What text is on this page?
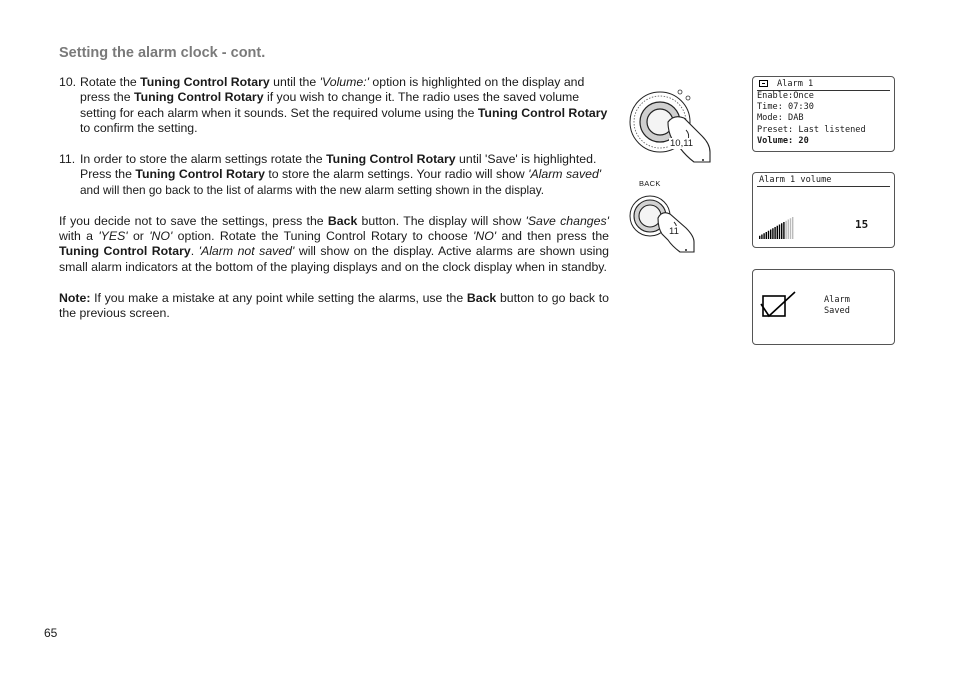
Setting the alarm clock - cont.

10. Rotate the Tuning Control Rotary until the 'Volume:' option is highlighted on the display and press the Tuning Control Rotary if you wish to change it. The radio uses the saved volume setting for each alarm when it sounds. Set the required volume using the Tuning Control Rotary to confirm the setting.

11. In order to store the alarm settings rotate the Tuning Control Rotary until 'Save' is highlighted. Press the Tuning Control Rotary to store the alarm settings. Your radio will show 'Alarm saved' and will then go back to the list of alarms with the new alarm setting shown in the display.

If you decide not to save the settings, press the Back button. The display will show 'Save changes' with a 'YES' or 'NO' option. Rotate the Tuning Control Rotary to choose 'NO' and then press the Tuning Control Rotary. 'Alarm not saved' will show on the display. Active alarms are shown using small alarm indicators at the bottom of the playing displays and on the clock display when in standby.

Note: If you make a mistake at any point while setting the alarms, use the Back button to go back to the previous screen.

10,11
BACK
11
Alarm 1
Enable:Once
Time: 07:30
Mode: DAB
Preset: Last listened
Volume: 20
Alarm 1 volume
15
Alarm
Saved
65
